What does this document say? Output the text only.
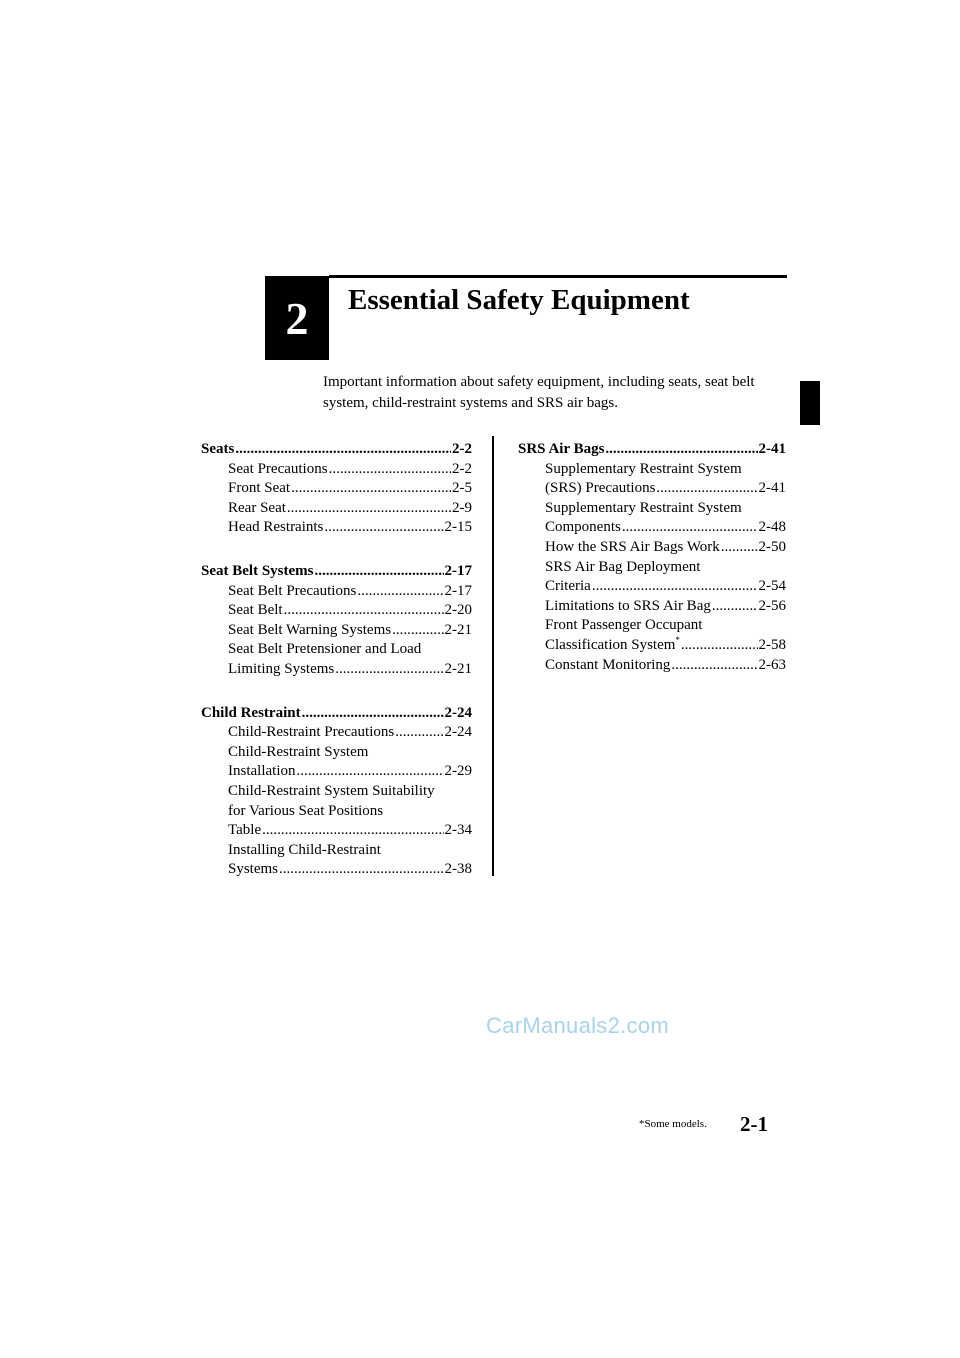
2	Essential Safety Equipment
Important information about safety equipment, including seats, seat belt system, child-restraint systems and SRS air bags.
Seats .....	2-2
Seat Precautions .....	2-2
Front Seat .....	2-5
Rear Seat .....	2-9
Head Restraints .....	2-15
Seat Belt Systems .....	2-17
Seat Belt Precautions .....	2-17
Seat Belt .....	2-20
Seat Belt Warning Systems .....	2-21
Seat Belt Pretensioner and Load
Limiting Systems .....	2-21
Child Restraint .....	2-24
Child-Restraint Precautions .....	2-24
Child-Restraint System
Installation .....	2-29
Child-Restraint System Suitability
for Various Seat Positions
Table .....	2-34
Installing Child-Restraint
Systems .....	2-38
SRS Air Bags .....	2-41
Supplementary Restraint System
(SRS) Precautions .....	2-41
Supplementary Restraint System
Components .....	2-48
How the SRS Air Bags Work .....	2-50
SRS Air Bag Deployment
Criteria .....	2-54
Limitations to SRS Air Bag .....	2-56
Front Passenger Occupant
Classification System* .....	2-58
Constant Monitoring .....	2-63
CarManuals2.com
*Some models. 2-1
